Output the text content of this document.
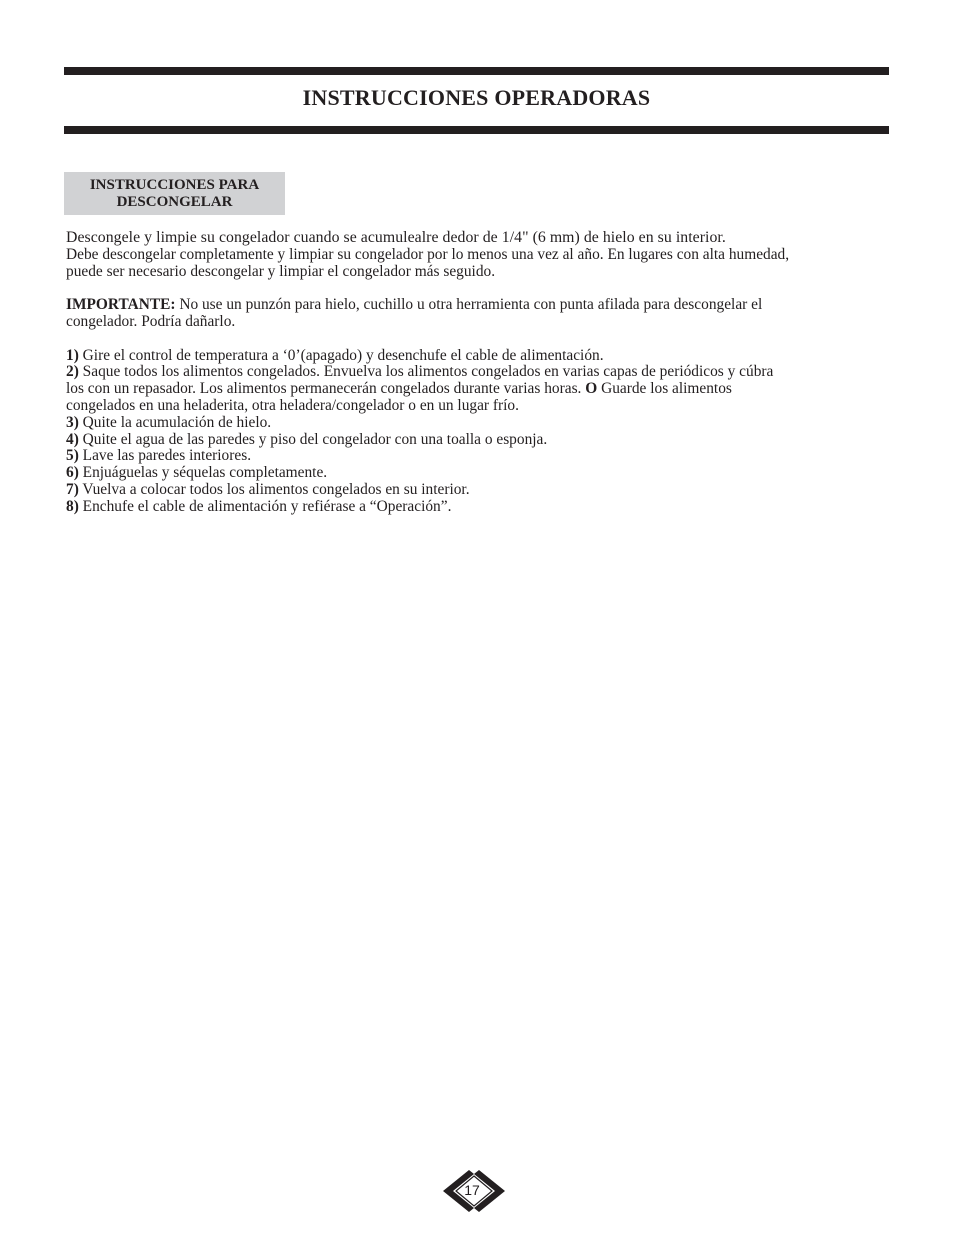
INSTRUCCIONES OPERADORAS
INSTRUCCIONES PARA
DESCONGELAR

Descongele y limpie su congelador cuando se acumulealre dedor de 1/4" (6 mm) de hielo en su interior.

Debe descongelar completamente y limpiar su congelador por lo menos una vez al año. En lugares con alta humedad,

puede ser necesario descongelar y limpiar el congelador más seguido.

IMPORTANTE: No use un punzón para hielo, cuchillo u otra herramienta con punta afilada para descongelar el

congelador. Podría dañarlo.

1) Gire el control de temperatura a ‘0’(apagado) y desenchufe el cable de alimentación.

2) Saque todos los alimentos congelados. Envuelva los alimentos congelados en varias capas de periódicos y cúbra

los con un repasador. Los alimentos permanecerán congelados durante varias horas. O Guarde los alimentos

congelados en una heladerita, otra heladera/congelador o en un lugar frío.

3) Quite la acumulación de hielo.

4) Quite el agua de las paredes y piso del congelador con una toalla o esponja.

5) Lave las paredes interiores.

6) Enjuáguelas y séquelas completamente.

7) Vuelva a colocar todos los alimentos congelados en su interior.

8) Enchufe el cable de alimentación y refiérase a “Operación”.

17
